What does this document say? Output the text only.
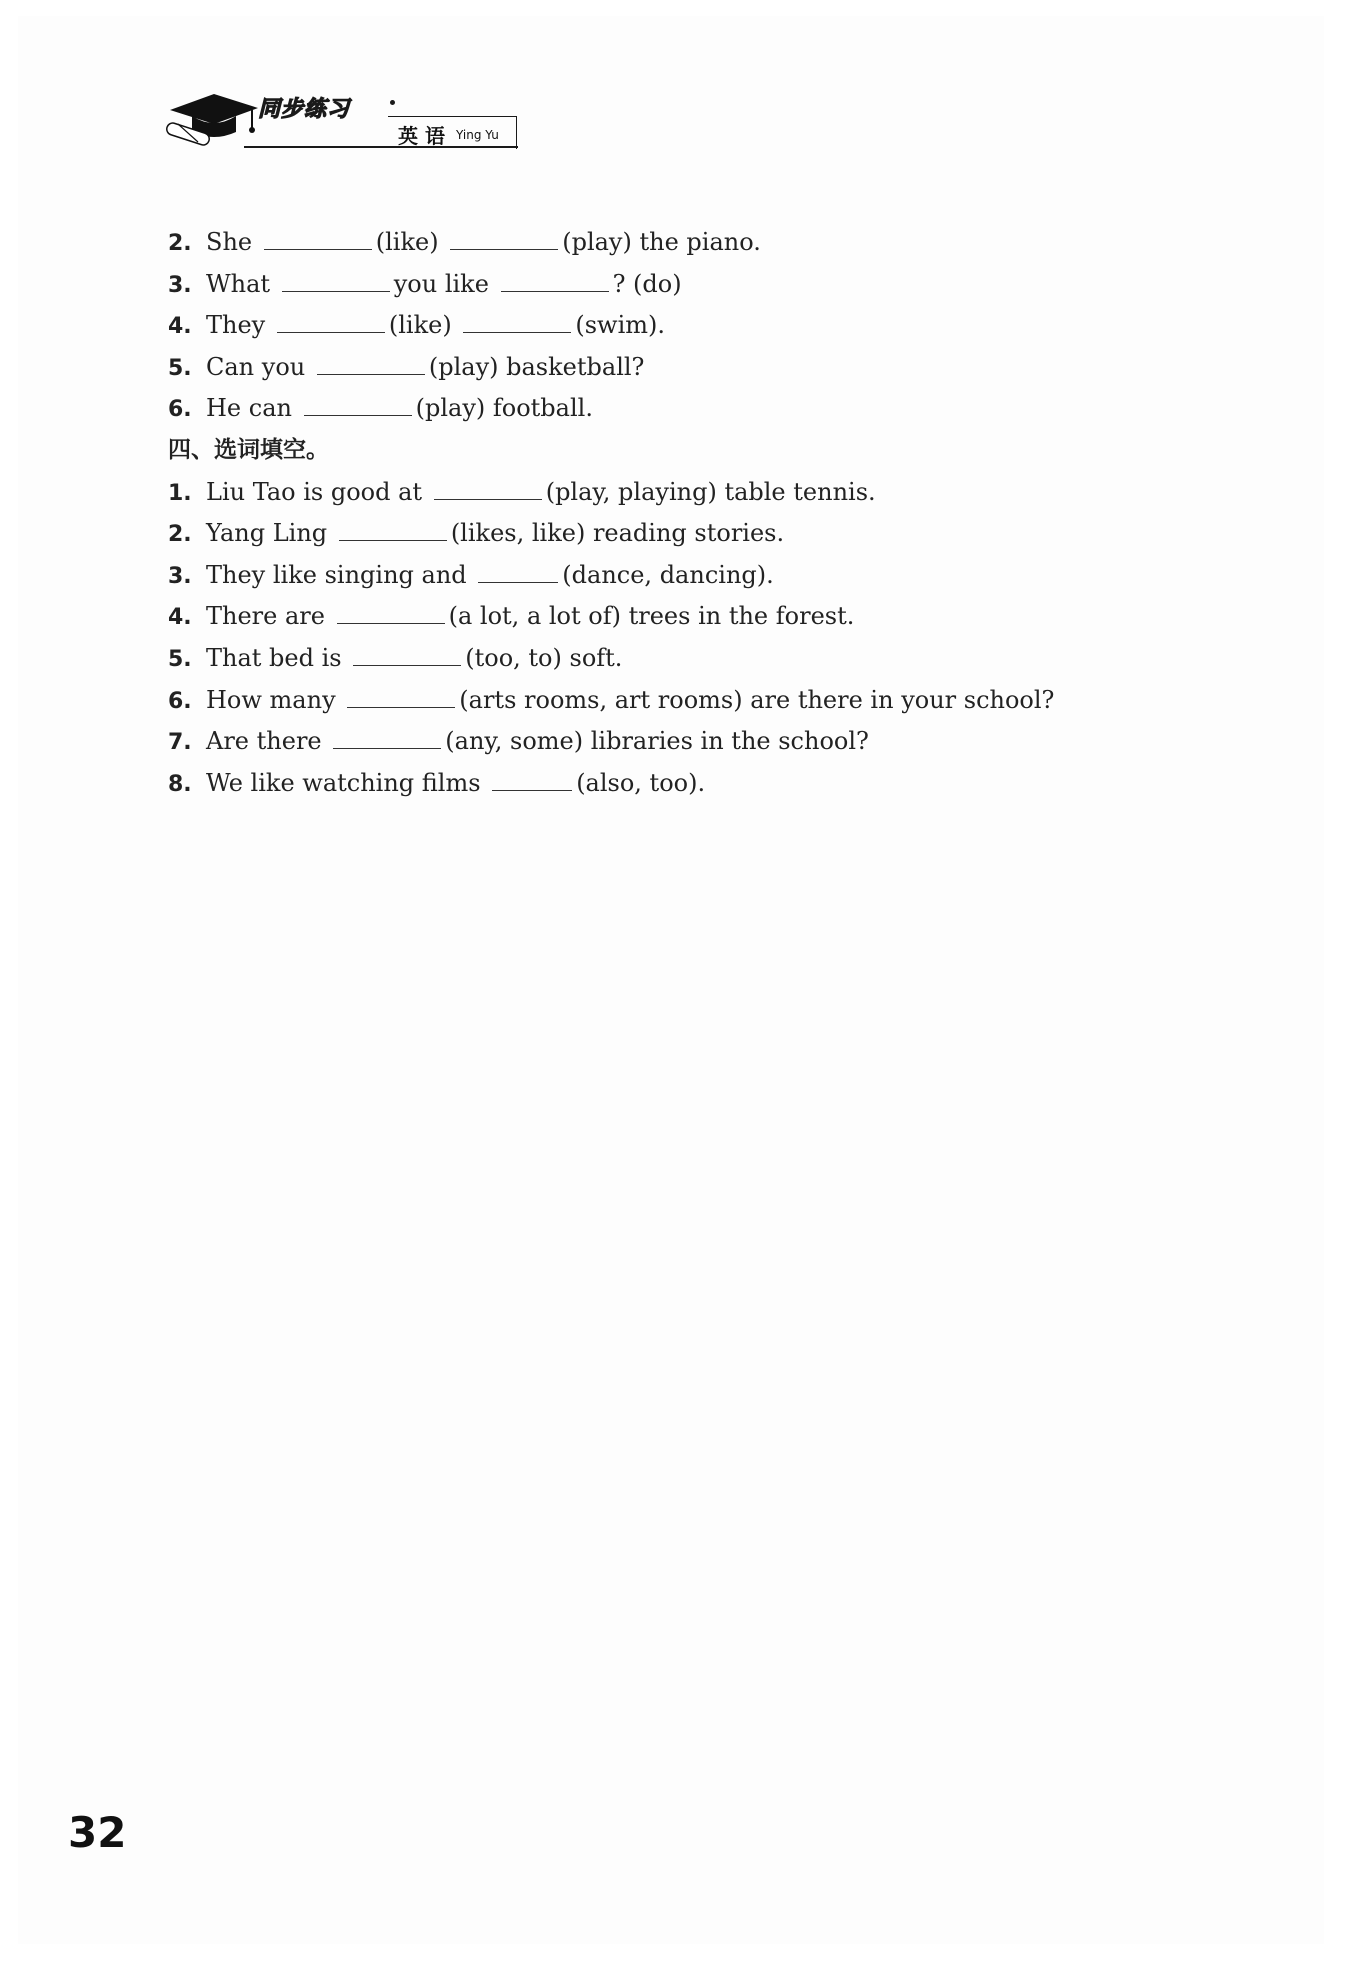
同步练习
英 语 Ying Yu
2. She	(like)	(play) the piano.
3. What	you like	? (do)
4. They	(like)	(swim).
5. Can you	(play) basketball?
6. He can	(play) football.
四、选词填空。
1. Liu Tao is good at	(play, playing) table tennis.
2. Yang Ling	(likes, like) reading stories.
3. They like singing and	(dance, dancing).
4. There are	(a lot, a lot of) trees in the forest.
5. That bed is	(too, to) soft.
6. How many	(arts rooms, art rooms) are there in your school?
7. Are there	(any, some) libraries in the school?
8. We like watching films	(also, too).
32
